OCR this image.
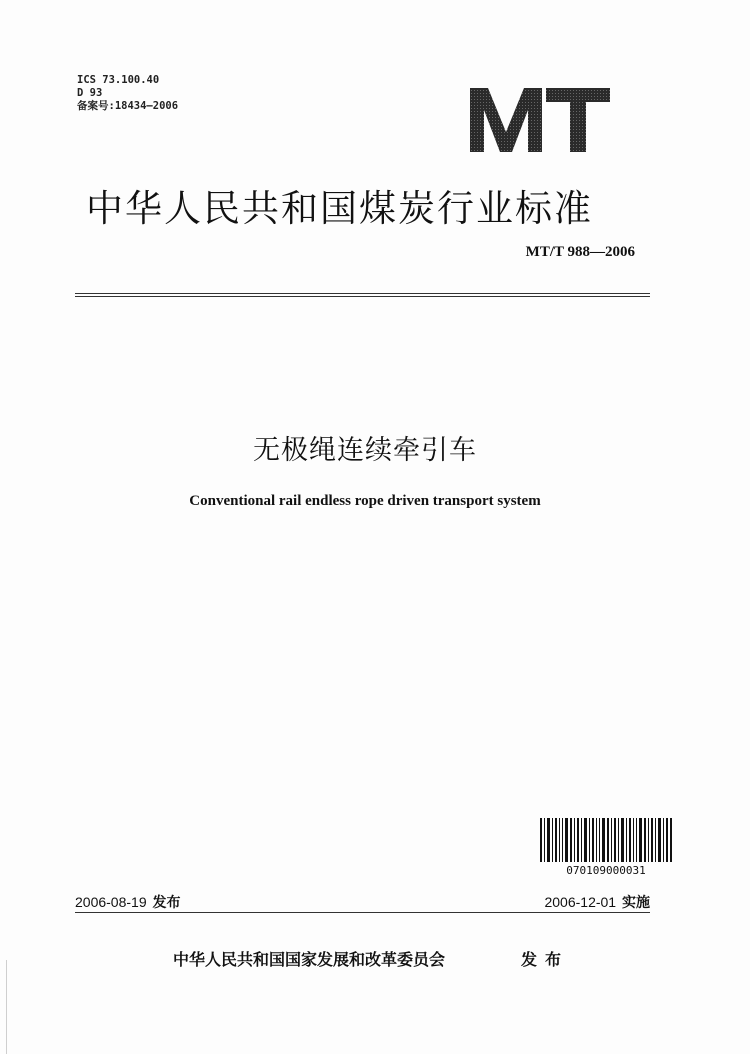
ICS 73.100.40
D 93
备案号:18434—2006
中华人民共和国煤炭行业标准
MT/T 988—2006
无极绳连续牵引车
Conventional rail endless rope driven transport system
070109000031
2006-08-19 发布	2006-12-01 实施
中华人民共和国国家发展和改革委员会	发布
